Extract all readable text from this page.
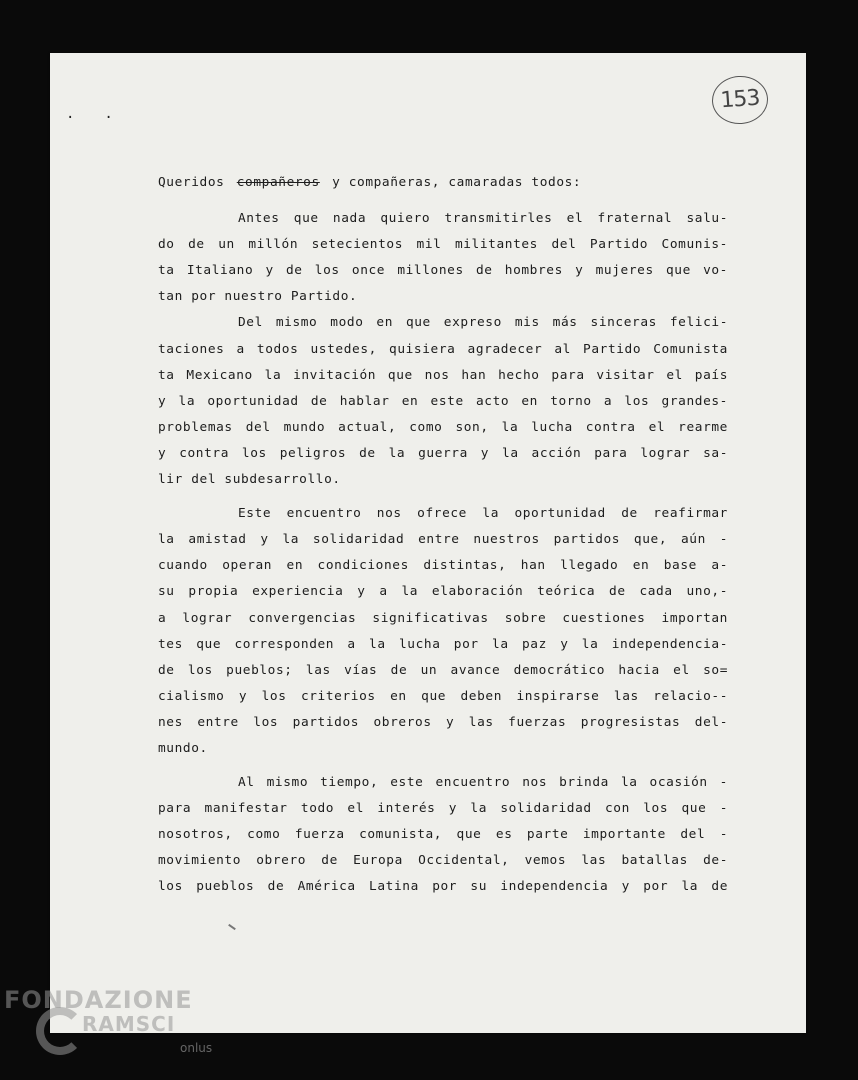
··
153
Queridos compañeros y compañeras, camaradas todos:
Antes que nada quiero transmitirles el fraternal salu-
do de un millón setecientos mil militantes del Partido Comunis-
ta Italiano y de los once millones de hombres y mujeres que vo-
tan por nuestro Partido.
Del mismo modo en que expreso mis más sinceras felici-
taciones a todos ustedes, quisiera agradecer al Partido Comunista
ta Mexicano la invitación que nos han hecho para visitar el país
y la oportunidad de hablar en este acto en torno a los grandes-
problemas del mundo actual, como son, la lucha contra el rearme
y contra los peligros de la guerra y la acción para lograr sa-
lir del subdesarrollo.
Este encuentro nos ofrece la oportunidad de reafirmar
la amistad y la solidaridad entre nuestros partidos que, aún -
cuando operan en condiciones distintas, han llegado en base a-
su propia experiencia y a la elaboración teórica de cada uno,-
a lograr convergencias significativas sobre cuestiones importan
tes que corresponden a la lucha por la paz y la independencia-
de los pueblos; las vías de un avance democrático hacia el so=
cialismo y los criterios en que deben inspirarse las relacio--
nes entre los partidos obreros y las fuerzas progresistas del-
mundo.
Al mismo tiempo, este encuentro nos brinda la ocasión -
para manifestar todo el interés y la solidaridad con los que -
nosotros, como fuerza comunista, que es parte importante del -
movimiento obrero de Europa Occidental, vemos las batallas de-
los pueblos de América Latina por su independencia y por la de
FONDAZIONE
RAMSCI
onlus
